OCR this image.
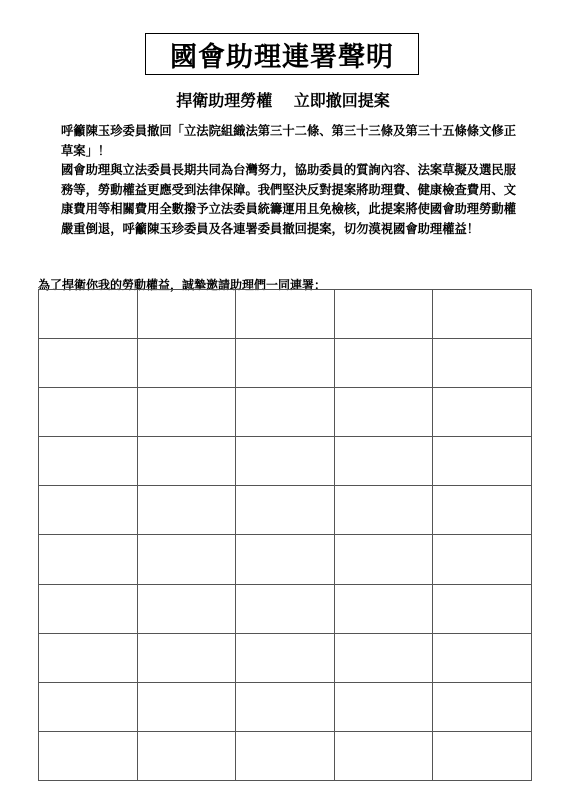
國會助理連署聲明
捍衛助理勞權　 立即撤回提案

呼籲陳玉珍委員撤回「立法院組織法第三十二條、第三十三條及第三十五條條文修正草案」！

國會助理與立法委員長期共同為台灣努力，協助委員的質詢內容、法案草擬及選民服務等，勞動權益更應受到法律保障。我們堅決反對提案將助理費、健康檢查費用、文康費用等相關費用全數撥予立法委員統籌運用且免檢核，此提案將使國會助理勞動權嚴重倒退，呼籲陳玉珍委員及各連署委員撤回提案，切勿漠視國會助理權益！

為了捍衛你我的勞動權益，誠摯邀請助理們一同連署：
